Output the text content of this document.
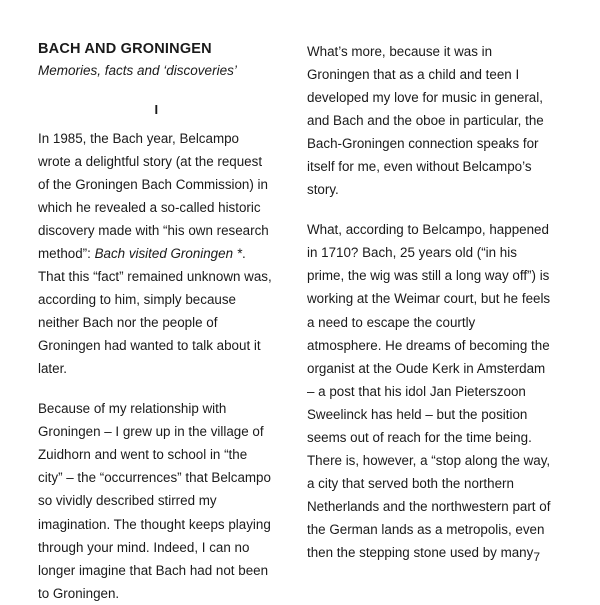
BACH AND GRONINGEN
Memories, facts and ‘discoveries’
I

In 1985, the Bach year, Belcampo wrote a delightful story (at the request of the Groningen Bach Commission) in which he revealed a so-called historic discovery made with “his own research method”: Bach visited Groningen *. That this “fact” remained unknown was, according to him, simply because neither Bach nor the people of Groningen had wanted to talk about it later.

Because of my relationship with Groningen – I grew up in the village of Zuidhorn and went to school in “the city” – the “occurrences” that Belcampo so vividly described stirred my imagination. The thought keeps playing through your mind. Indeed, I can no longer imagine that Bach had not been to Groningen.

What’s more, because it was in Groningen that as a child and teen I developed my love for music in general, and Bach and the oboe in particular, the Bach-Groningen connection speaks for itself for me, even without Belcampo’s story.

What, according to Belcampo, happened in 1710? Bach, 25 years old (“in his prime, the wig was still a long way off”) is working at the Weimar court, but he feels a need to escape the courtly atmosphere. He dreams of becoming the organist at the Oude Kerk in Amsterdam – a post that his idol Jan Pieterszoon Sweelinck has held – but the position seems out of reach for the time being. There is, however, a “stop along the way, a city that served both the northern Netherlands and the northwestern part of the German lands as a metropolis, even then the stepping stone used by many 7
